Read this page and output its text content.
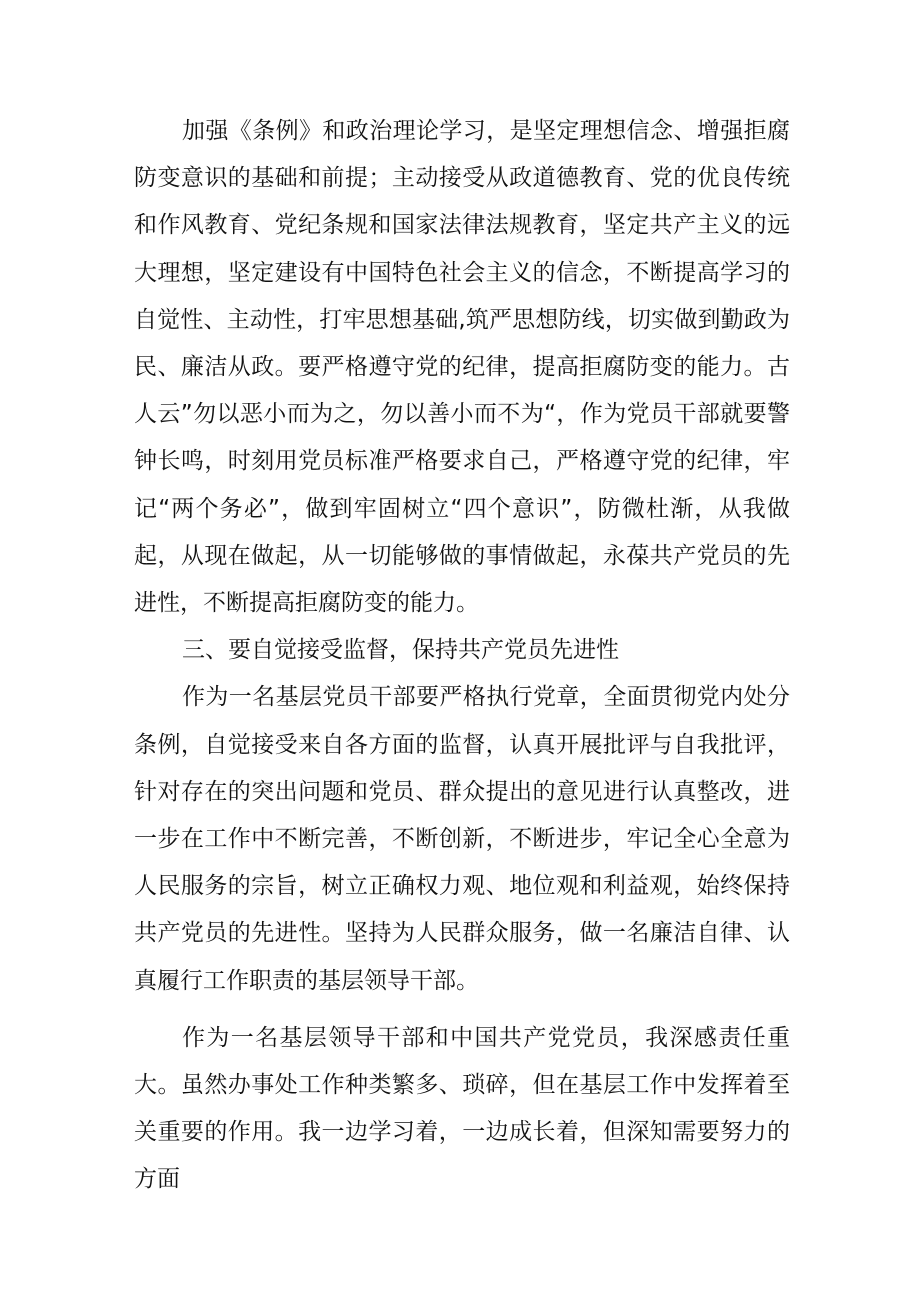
加强《条例》和政治理论学习，是坚定理想信念、增强拒腐防变意识的基础和前提；主动接受从政道德教育、党的优良传统和作风教育、党纪条规和国家法律法规教育，坚定共产主义的远大理想，坚定建设有中国特色社会主义的信念，不断提高学习的自觉性、主动性，打牢思想基础,筑严思想防线，切实做到勤政为民、廉洁从政。要严格遵守党的纪律，提高拒腐防变的能力。古人云”勿以恶小而为之，勿以善小而不为“，作为党员干部就要警钟长鸣，时刻用党员标准严格要求自己，严格遵守党的纪律，牢记“两个务必”，做到牢固树立“四个意识”，防微杜渐，从我做起，从现在做起，从一切能够做的事情做起，永葆共产党员的先进性，不断提高拒腐防变的能力。

三、要自觉接受监督，保持共产党员先进性

作为一名基层党员干部要严格执行党章，全面贯彻党内处分条例，自觉接受来自各方面的监督，认真开展批评与自我批评，针对存在的突出问题和党员、群众提出的意见进行认真整改，进一步在工作中不断完善，不断创新，不断进步，牢记全心全意为人民服务的宗旨，树立正确权力观、地位观和利益观，始终保持共产党员的先进性。坚持为人民群众服务，做一名廉洁自律、认真履行工作职责的基层领导干部。

作为一名基层领导干部和中国共产党党员，我深感责任重大。虽然办事处工作种类繁多、琐碎，但在基层工作中发挥着至关重要的作用。我一边学习着，一边成长着，但深知需要努力的方面
